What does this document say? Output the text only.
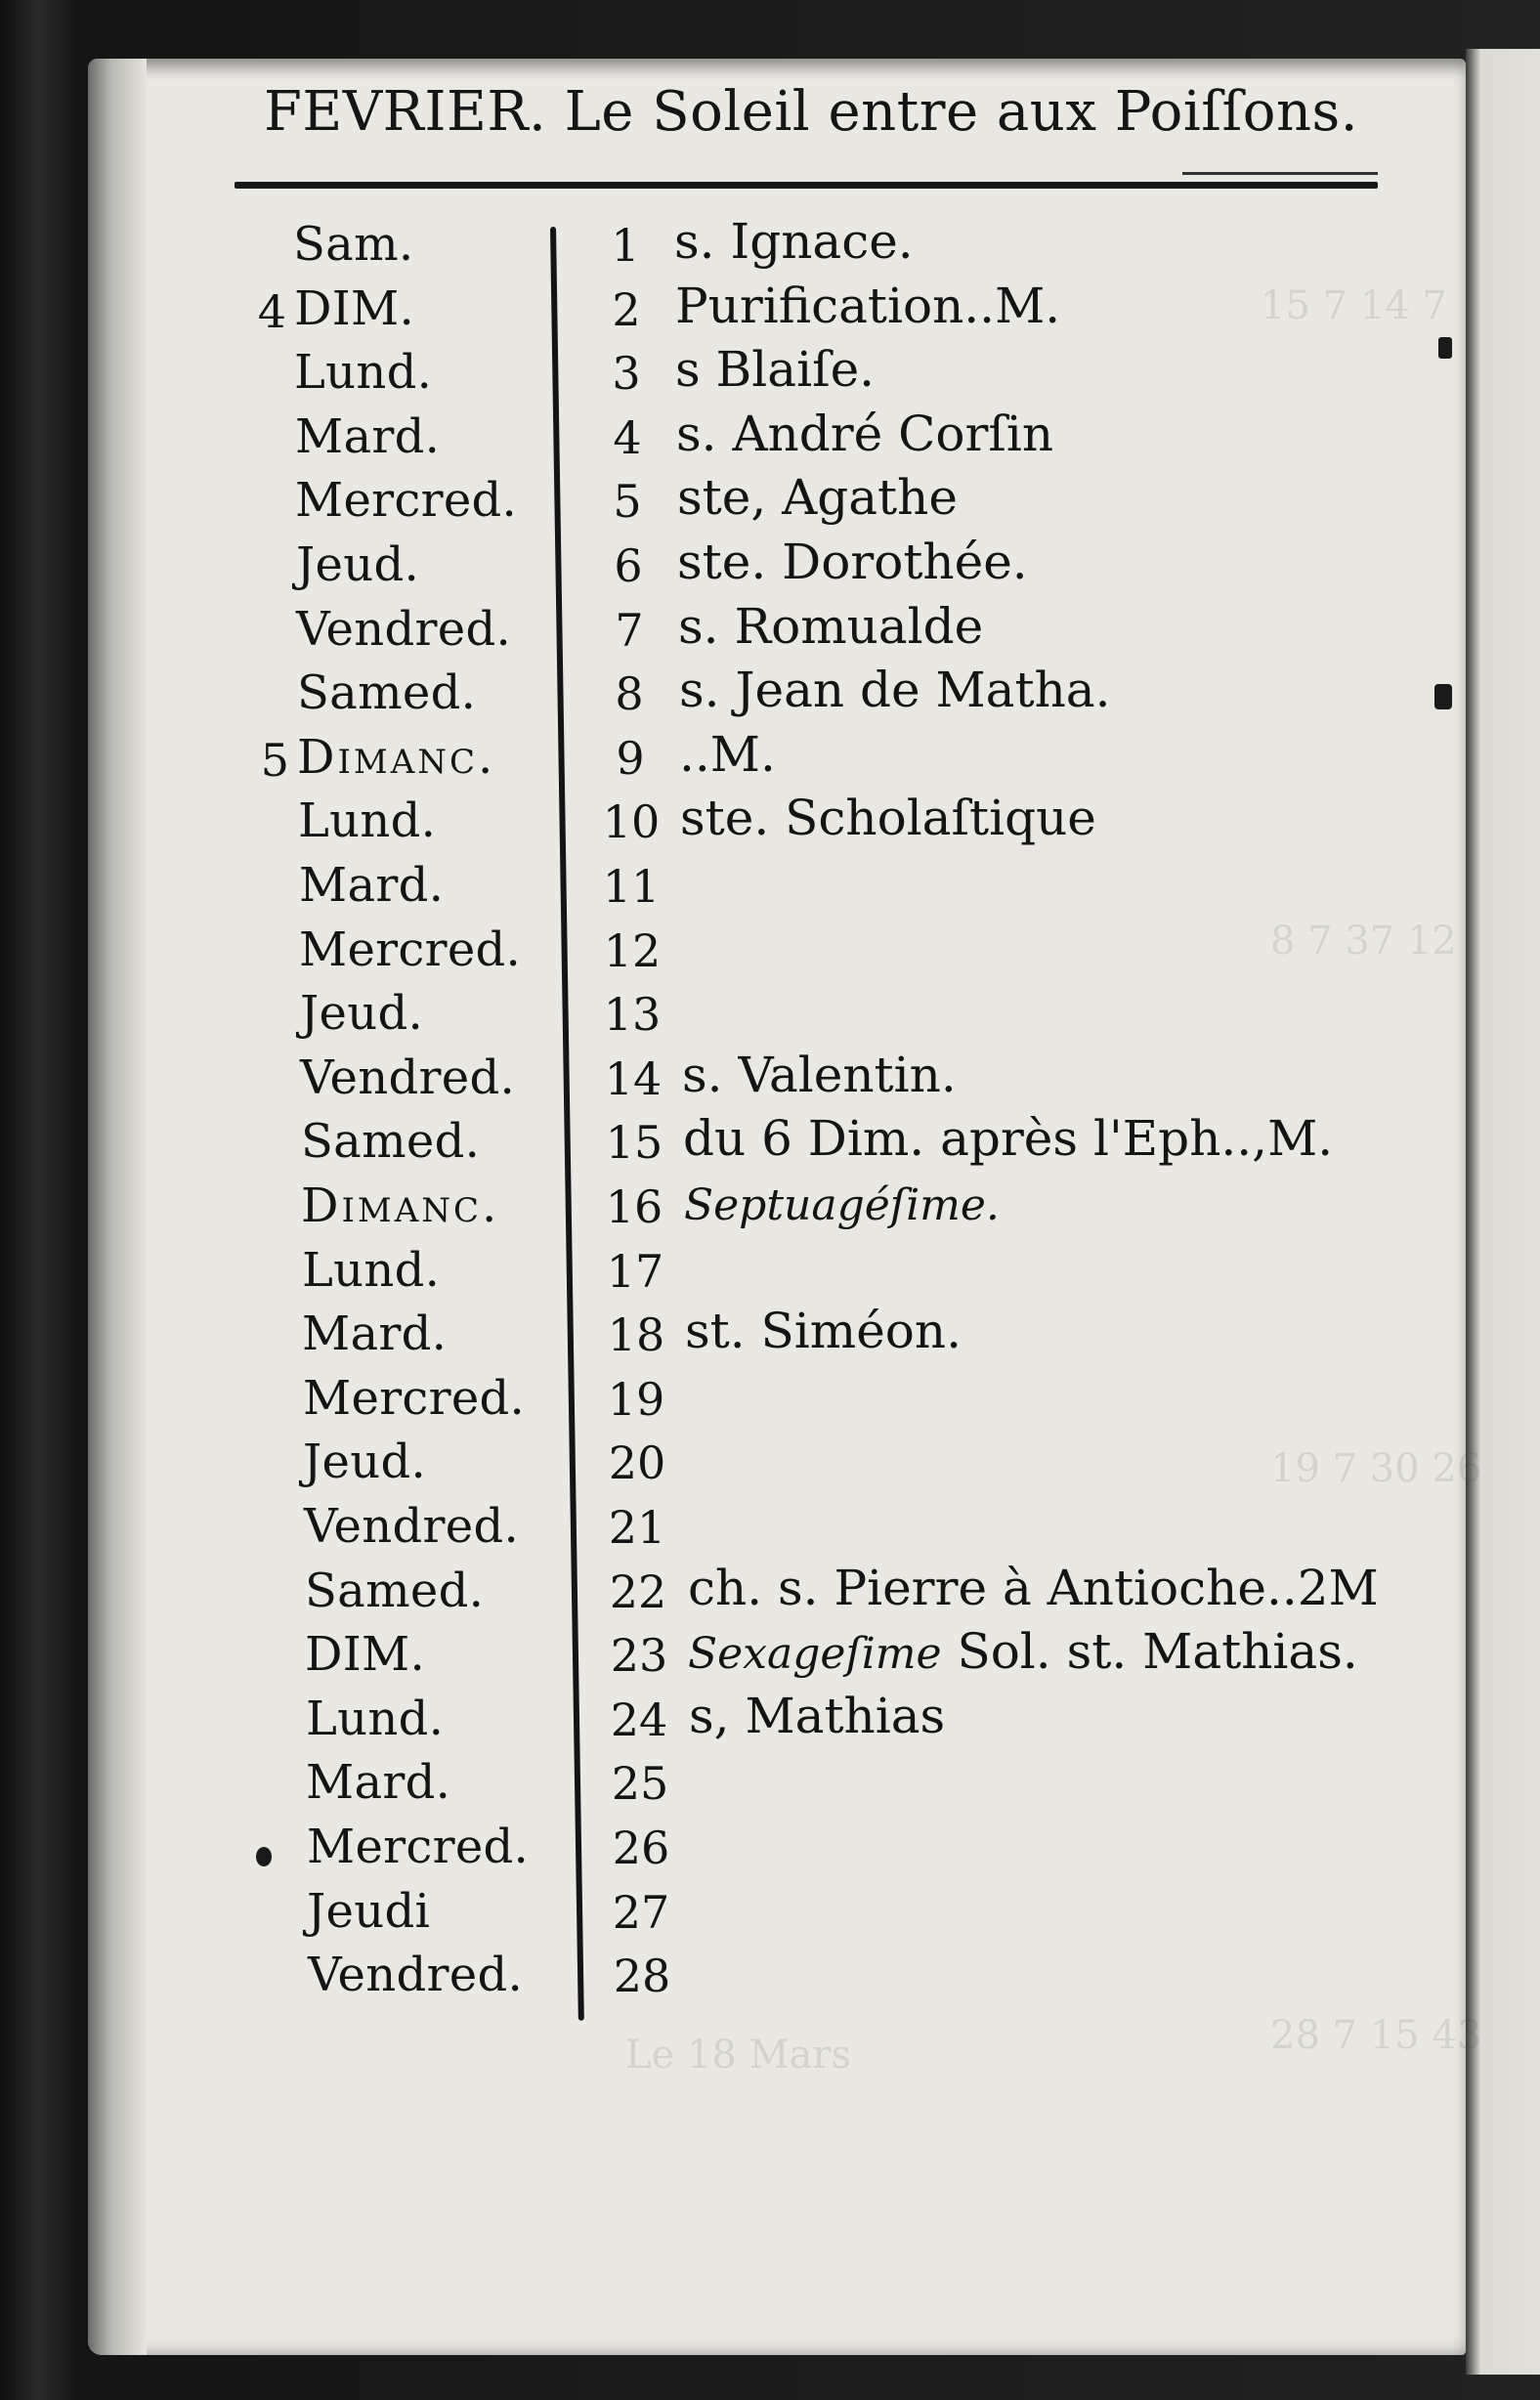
15 7 14 7
8 7 37 12
19 7 30 26
28 7 15 43
Le 18 Mars
FEVRIER. Le Soleil entre aux Poiſſons.
Sam.	1 s. Ignace.
4 DIM.	2 Purification..M.
Lund.	3 s Blaiſe.
Mard.	4 s. André Corſin
Mercred.	5 ste, Agathe
Jeud.	6 ste. Dorothée.
Vendred.	7 s. Romualde
Samed.	8 s. Jean de Matha.
5 Dimanc.	9 ..M.
Lund.	10 ste. Scholaſtique
Mard.	11
Mercred. 12
Jeud.	13
Vendred. 14 s. Valentin.
Samed.	15 du 6 Dim. après l'Eph..,M.
Dimanc. 16 Septuagéſime.
Lund.	17
Mard.	18 st. Siméon.
Mercred. 19
Jeud.	20
Vendred. 21
Samed.	22 ch. s. Pierre à Antioche..2M
DIM.	23 Sexageſime Sol. st. Mathias.
Lund.	24 s, Mathias
Mard.	25
Mercred. 26
Jeudi	27
Vendred. 28
